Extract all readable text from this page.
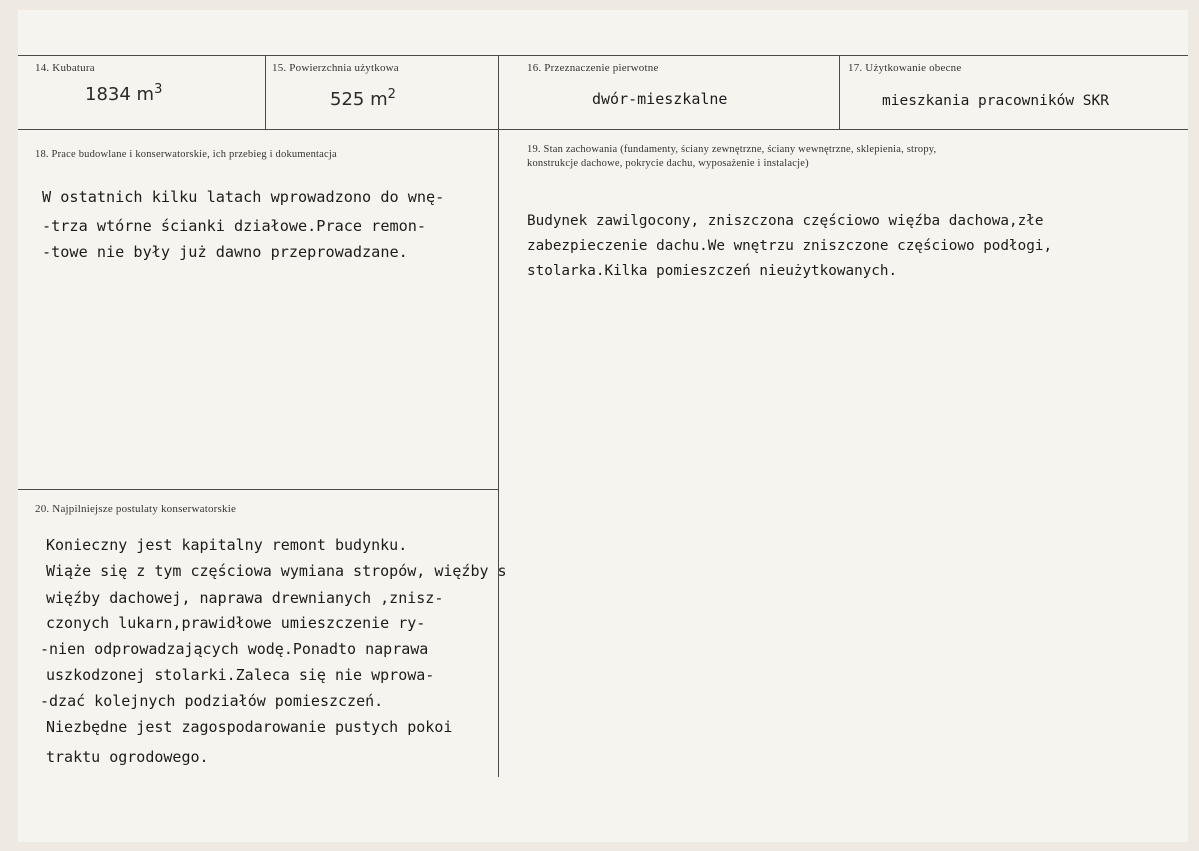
14. Kubatura
1834 $m^3$
15. Powierzchnia użytkowa
525 $m^2$
16. Przeznaczenie pierwotne
dwór-mieszkalne
17. Użytkowanie obecne
mieszkania pracowników SKR
18. Prace budowlane i konserwatorskie, ich przebieg i dokumentacja
W ostatnich kilku latach wprowadzono do wnę-
-trza wtórne ścianki działowe.Prace remon-
-towe nie były już dawno przeprowadzane.
19. Stan zachowania (fundamenty, ściany zewnętrzne, ściany wewnętrzne, sklepienia, stropy,
konstrukcje dachowe, pokrycie dachu, wyposażenie i instalacje)
Budynek zawilgocony, zniszczona częściowo więźba dachowa,złe
zabezpieczenie dachu.We wnętrzu zniszczone częściowo podłogi,
stolarka.Kilka pomieszczeń nieużytkowanych.
20. Najpilniejsze postulaty konserwatorskie
Konieczny jest kapitalny remont budynku.
Wiąże się z tym częściowa wymiana stropów, więźby s
więźby dachowej, naprawa drewnianych ,znisz-
czonych lukarn,prawidłowe umieszczenie ry-
-nien odprowadzających wodę.Ponadto naprawa
uszkodzonej stolarki.Zaleca się nie wprowa-
-dzać kolejnych podziałów pomieszczeń.
Niezbędne jest zagospodarowanie pustych pokoi
traktu ogrodowego.
